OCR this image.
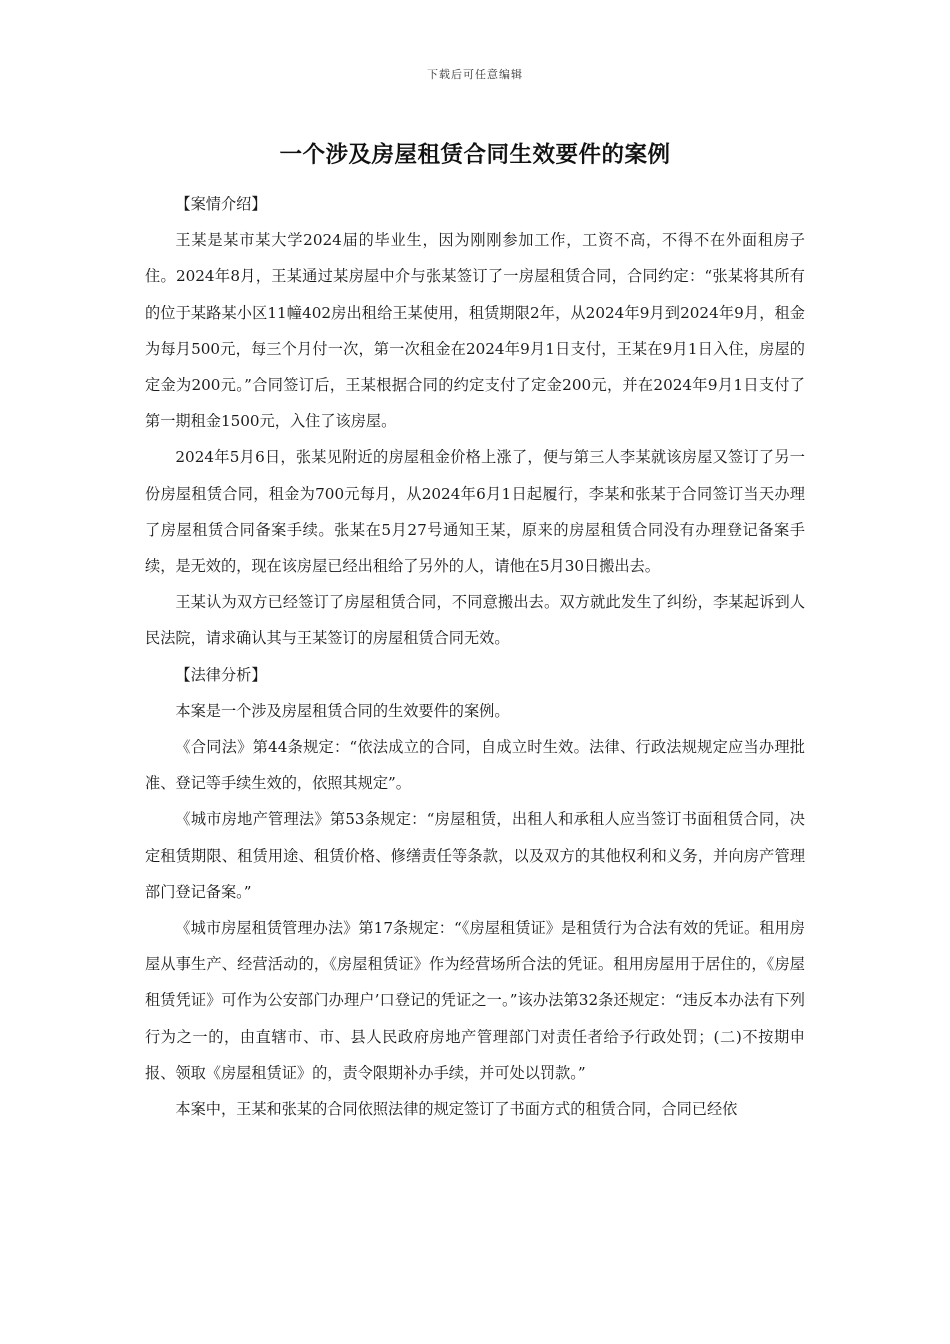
下载后可任意编辑
一个涉及房屋租赁合同生效要件的案例

【案情介绍】

王某是某市某大学2024届的毕业生，因为刚刚参加工作，工资不高，不得不在外面租房子住。2024年8月，王某通过某房屋中介与张某签订了一房屋租赁合同，合同约定：“张某将其所有的位于某路某小区11幢402房出租给王某使用，租赁期限2年，从2024年9月到2024年9月，租金为每月500元，每三个月付一次，第一次租金在2024年9月1日支付，王某在9月1日入住，房屋的定金为200元。”合同签订后，王某根据合同的约定支付了定金200元，并在2024年9月1日支付了第一期租金1500元，入住了该房屋。

2024年5月6日，张某见附近的房屋租金价格上涨了，便与第三人李某就该房屋又签订了另一份房屋租赁合同，租金为700元每月，从2024年6月1日起履行，李某和张某于合同签订当天办理了房屋租赁合同备案手续。张某在5月27号通知王某，原来的房屋租赁合同没有办理登记备案手续，是无效的，现在该房屋已经出租给了另外的人，请他在5月30日搬出去。

王某认为双方已经签订了房屋租赁合同，不同意搬出去。双方就此发生了纠纷，李某起诉到人民法院，请求确认其与王某签订的房屋租赁合同无效。

【法律分析】

本案是一个涉及房屋租赁合同的生效要件的案例。

《合同法》第44条规定：“依法成立的合同，自成立时生效。法律、行政法规规定应当办理批准、登记等手续生效的，依照其规定”。

《城市房地产管理法》第53条规定：“房屋租赁，出租人和承租人应当签订书面租赁合同，决定租赁期限、租赁用途、租赁价格、修缮责任等条款，以及双方的其他权利和义务，并向房产管理部门登记备案。”

《城市房屋租赁管理办法》第17条规定：“《房屋租赁证》是租赁行为合法有效的凭证。租用房屋从事生产、经营活动的，《房屋租赁证》作为经营场所合法的凭证。租用房屋用于居住的，《房屋租赁凭证》可作为公安部门办理户’口登记的凭证之一。”该办法第32条还规定：“违反本办法有下列行为之一的，由直辖市、市、县人民政府房地产管理部门对责任者给予行政处罚；(二)不按期申报、领取《房屋租赁证》的，责令限期补办手续，并可处以罚款。”

本案中，王某和张某的合同依照法律的规定签订了书面方式的租赁合同，合同已经依
